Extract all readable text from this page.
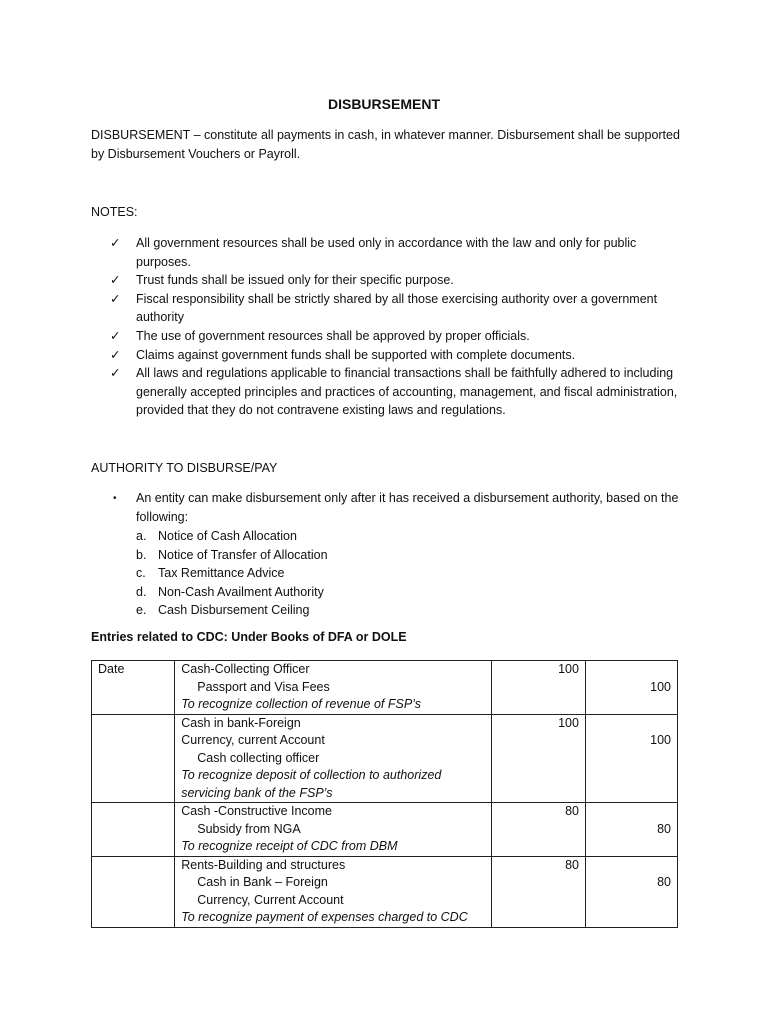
DISBURSEMENT
DISBURSEMENT – constitute all payments in cash, in whatever manner. Disbursement shall be supported by Disbursement Vouchers or Payroll.
NOTES:
✓ All government resources shall be used only in accordance with the law and only for public purposes.
✓ Trust funds shall be issued only for their specific purpose.
✓ Fiscal responsibility shall be strictly shared by all those exercising authority over a government authority
✓ The use of government resources shall be approved by proper officials.
✓ Claims against government funds shall be supported with complete documents.
✓ All laws and regulations applicable to financial transactions shall be faithfully adhered to including generally accepted principles and practices of accounting, management, and fiscal administration, provided that they do not contravene existing laws and regulations.
AUTHORITY TO DISBURSE/PAY
• An entity can make disbursement only after it has received a disbursement authority, based on the following:
a. Notice of Cash Allocation
b. Notice of Transfer of Allocation
c. Tax Remittance Advice
d. Non-Cash Availment Authority
e. Cash Disbursement Ceiling
Entries related to CDC: Under Books of DFA or DOLE
Date	Cash-Collecting Officer
Passport and Visa Fees
To recognize collection of revenue of FSP’s	100	100

	Cash in bank-Foreign
Currency, current Account
Cash collecting officer
To recognize deposit of collection to authorized servicing bank of the FSP’s	100	100

	Cash -Constructive Income
Subsidy from NGA
To recognize receipt of CDC from DBM	80	80

	Rents-Building and structures
Cash in Bank – Foreign
Currency, Current Account
To recognize payment of expenses charged to CDC	80	80
